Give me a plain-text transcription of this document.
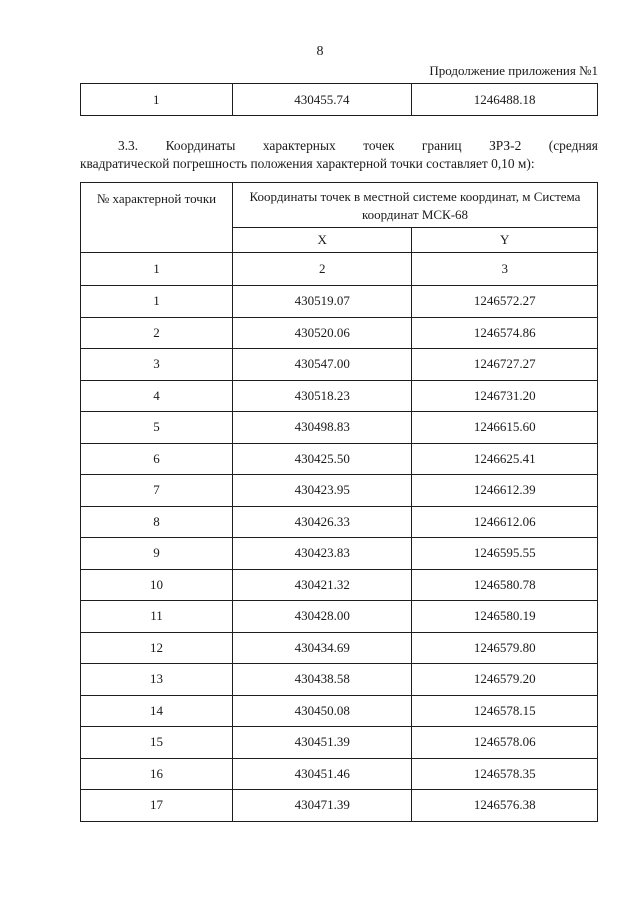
8
Продолжение приложения №1
1	430455.74	1246488.18
3.3. Координаты характерных точек границ ЗРЗ-2 (средняя
квадратической погрешность положения характерной точки составляет 0,10 м):
№ характерной точки	Координаты точек в местной системе координат, м Система координат МСК-68	
	X	Y
1	2	3
1	430519.07	1246572.27
2	430520.06	1246574.86
3	430547.00	1246727.27
4	430518.23	1246731.20
5	430498.83	1246615.60
6	430425.50	1246625.41
7	430423.95	1246612.39
8	430426.33	1246612.06
9	430423.83	1246595.55
10	430421.32	1246580.78
11	430428.00	1246580.19
12	430434.69	1246579.80
13	430438.58	1246579.20
14	430450.08	1246578.15
15	430451.39	1246578.06
16	430451.46	1246578.35
17	430471.39	1246576.38
